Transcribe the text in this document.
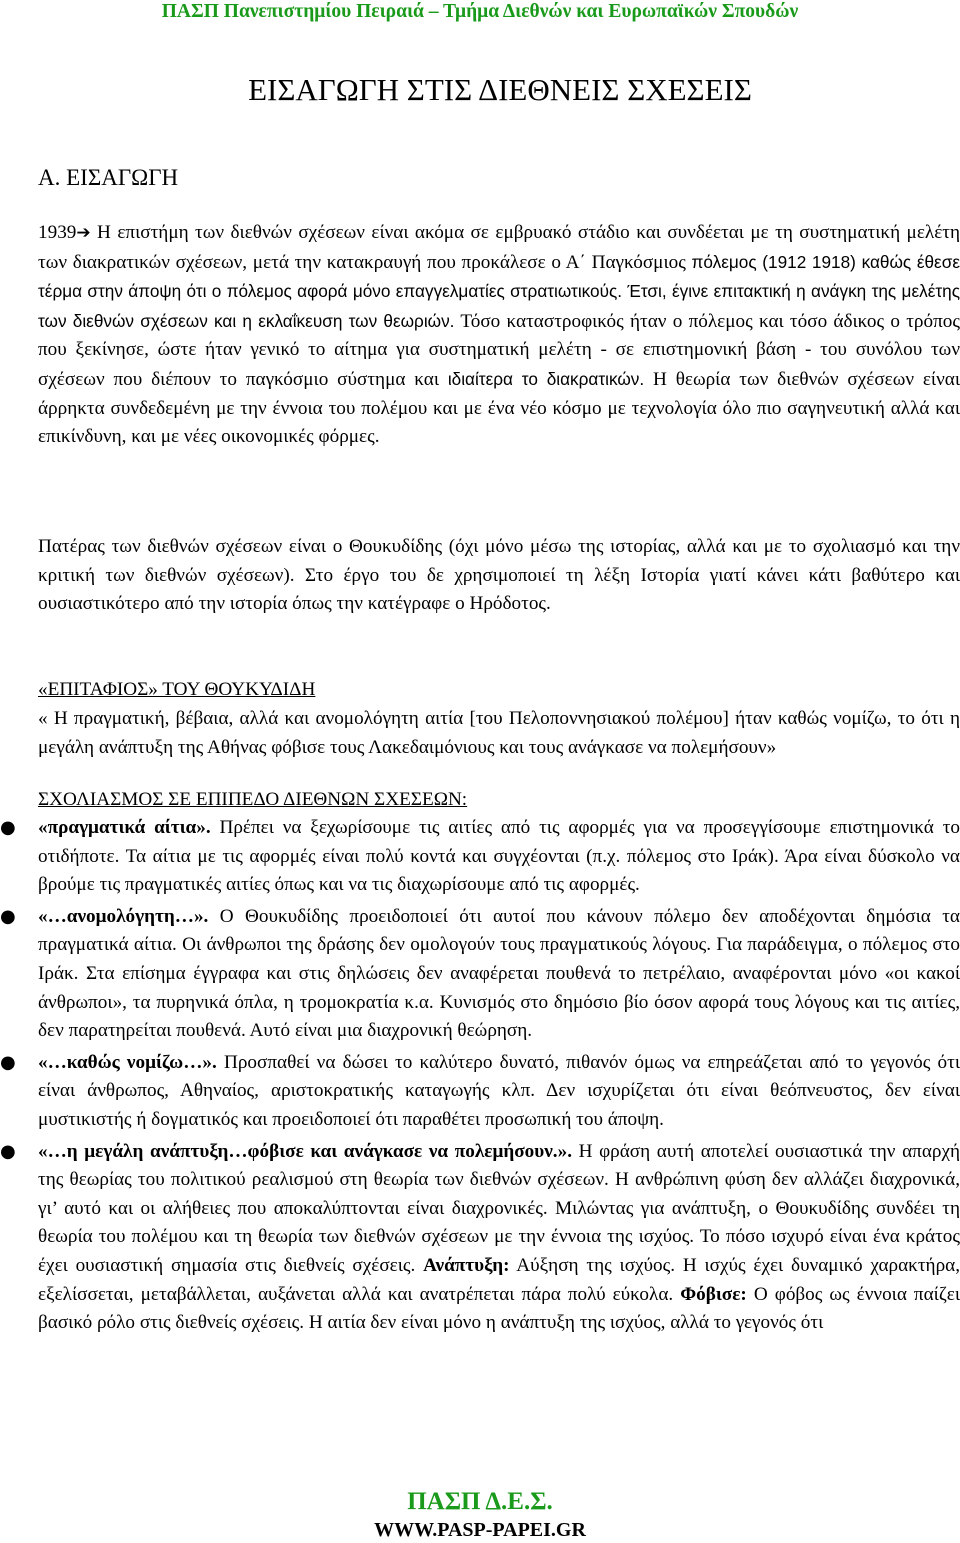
ΠΑΣΠ Πανεπιστημίου Πειραιά – Τμήμα Διεθνών και Ευρωπαϊκών Σπουδών
ΕΙΣΑΓΩΓΗ ΣΤΙΣ ΔΙΕΘΝΕΙΣ ΣΧΕΣΕΙΣ
Α. ΕΙΣΑΓΩΓΗ
1939➔ Η επιστήμη των διεθνών σχέσεων είναι ακόμα σε εμβρυακό στάδιο και συνδέεται με τη συστηματική μελέτη των διακρατικών σχέσεων, μετά την κατακραυγή που προκάλεσε ο Α΄ Παγκόσμιος πόλεμος (1912 1918) καθώς έθεσε τέρμα στην άποψη ότι ο πόλεμος αφορά μόνο επαγγελματίες στρατιωτικούς. Έτσι, έγινε επιτακτική η ανάγκη της μελέτης των διεθνών σχέσεων και η εκλαΐκευση των θεωριών. Τόσο καταστροφικός ήταν ο πόλεμος και τόσο άδικος ο τρόπος που ξεκίνησε, ώστε ήταν γενικό το αίτημα για συστηματική μελέτη - σε επιστημονική βάση - του συνόλου των σχέσεων που διέπουν το παγκόσμιο σύστημα και ιδιαίτερα το διακρατικών. Η θεωρία των διεθνών σχέσεων είναι άρρηκτα συνδεδεμένη με την έννοια του πολέμου και με ένα νέο κόσμο με τεχνολογία όλο πιο σαγηνευτική αλλά και επικίνδυνη, και με νέες οικονομικές φόρμες.
Πατέρας των διεθνών σχέσεων είναι ο Θουκυδίδης (όχι μόνο μέσω της ιστορίας, αλλά και με το σχολιασμό και την κριτική των διεθνών σχέσεων). Στο έργο του δε χρησιμοποιεί τη λέξη Ιστορία γιατί κάνει κάτι βαθύτερο και ουσιαστικότερο από την ιστορία όπως την κατέγραφε ο Ηρόδοτος.
«ΕΠΙΤΑΦΙΟΣ» ΤΟΥ ΘΟΥΚΥΔΙΔΗ
« Η πραγματική, βέβαια, αλλά και ανομολόγητη αιτία [του Πελοποννησιακού πολέμου] ήταν καθώς νομίζω, το ότι η μεγάλη ανάπτυξη της Αθήνας φόβισε τους Λακεδαιμόνιους και τους ανάγκασε να πολεμήσουν»
ΣΧΟΛΙΑΣΜΟΣ ΣΕ ΕΠΙΠΕΔΟ ΔΙΕΘΝΩΝ ΣΧΕΣΕΩΝ:
● «πραγματικά αίτια». Πρέπει να ξεχωρίσουμε τις αιτίες από τις αφορμές για να προσεγγίσουμε επιστημονικά το οτιδήποτε. Τα αίτια με τις αφορμές είναι πολύ κοντά και συγχέονται (π.χ. πόλεμος στο Ιράκ). Άρα είναι δύσκολο να βρούμε τις πραγματικές αιτίες όπως και να τις διαχωρίσουμε από τις αφορμές.
● «…ανομολόγητη…». Ο Θουκυδίδης προειδοποιεί ότι αυτοί που κάνουν πόλεμο δεν αποδέχονται δημόσια τα πραγματικά αίτια. Οι άνθρωποι της δράσης δεν ομολογούν τους πραγματικούς λόγους. Για παράδειγμα, ο πόλεμος στο Ιράκ. Στα επίσημα έγγραφα και στις δηλώσεις δεν αναφέρεται πουθενά το πετρέλαιο, αναφέρονται μόνο «οι κακοί άνθρωποι», τα πυρηνικά όπλα, η τρομοκρατία κ.α. Κυνισμός στο δημόσιο βίο όσον αφορά τους λόγους και τις αιτίες, δεν παρατηρείται πουθενά. Αυτό είναι μια διαχρονική θεώρηση.
● «…καθώς νομίζω…». Προσπαθεί να δώσει το καλύτερο δυνατό, πιθανόν όμως να επηρεάζεται από το γεγονός ότι είναι άνθρωπος, Αθηναίος, αριστοκρατικής καταγωγής κλπ. Δεν ισχυρίζεται ότι είναι θεόπνευστος, δεν είναι μυστικιστής ή δογματικός και προειδοποιεί ότι παραθέτει προσωπική του άποψη.
● «…η μεγάλη ανάπτυξη…φόβισε και ανάγκασε να πολεμήσουν.». Η φράση αυτή αποτελεί ουσιαστικά την απαρχή της θεωρίας του πολιτικού ρεαλισμού στη θεωρία των διεθνών σχέσεων. Η ανθρώπινη φύση δεν αλλάζει διαχρονικά, γι’ αυτό και οι αλήθειες που αποκαλύπτονται είναι διαχρονικές. Μιλώντας για ανάπτυξη, ο Θουκυδίδης συνδέει τη θεωρία του πολέμου και τη θεωρία των διεθνών σχέσεων με την έννοια της ισχύος. Το πόσο ισχυρό είναι ένα κράτος έχει ουσιαστική σημασία στις διεθνείς σχέσεις. Ανάπτυξη: Αύξηση της ισχύος. Η ισχύς έχει δυναμικό χαρακτήρα, εξελίσσεται, μεταβάλλεται, αυξάνεται αλλά και ανατρέπεται πάρα πολύ εύκολα. Φόβισε: Ο φόβος ως έννοια παίζει βασικό ρόλο στις διεθνείς σχέσεις. Η αιτία δεν είναι μόνο η ανάπτυξη της ισχύος, αλλά το γεγονός ότι
ΠΑΣΠ Δ.Ε.Σ.
WWW.PASP-PAPEI.GR
